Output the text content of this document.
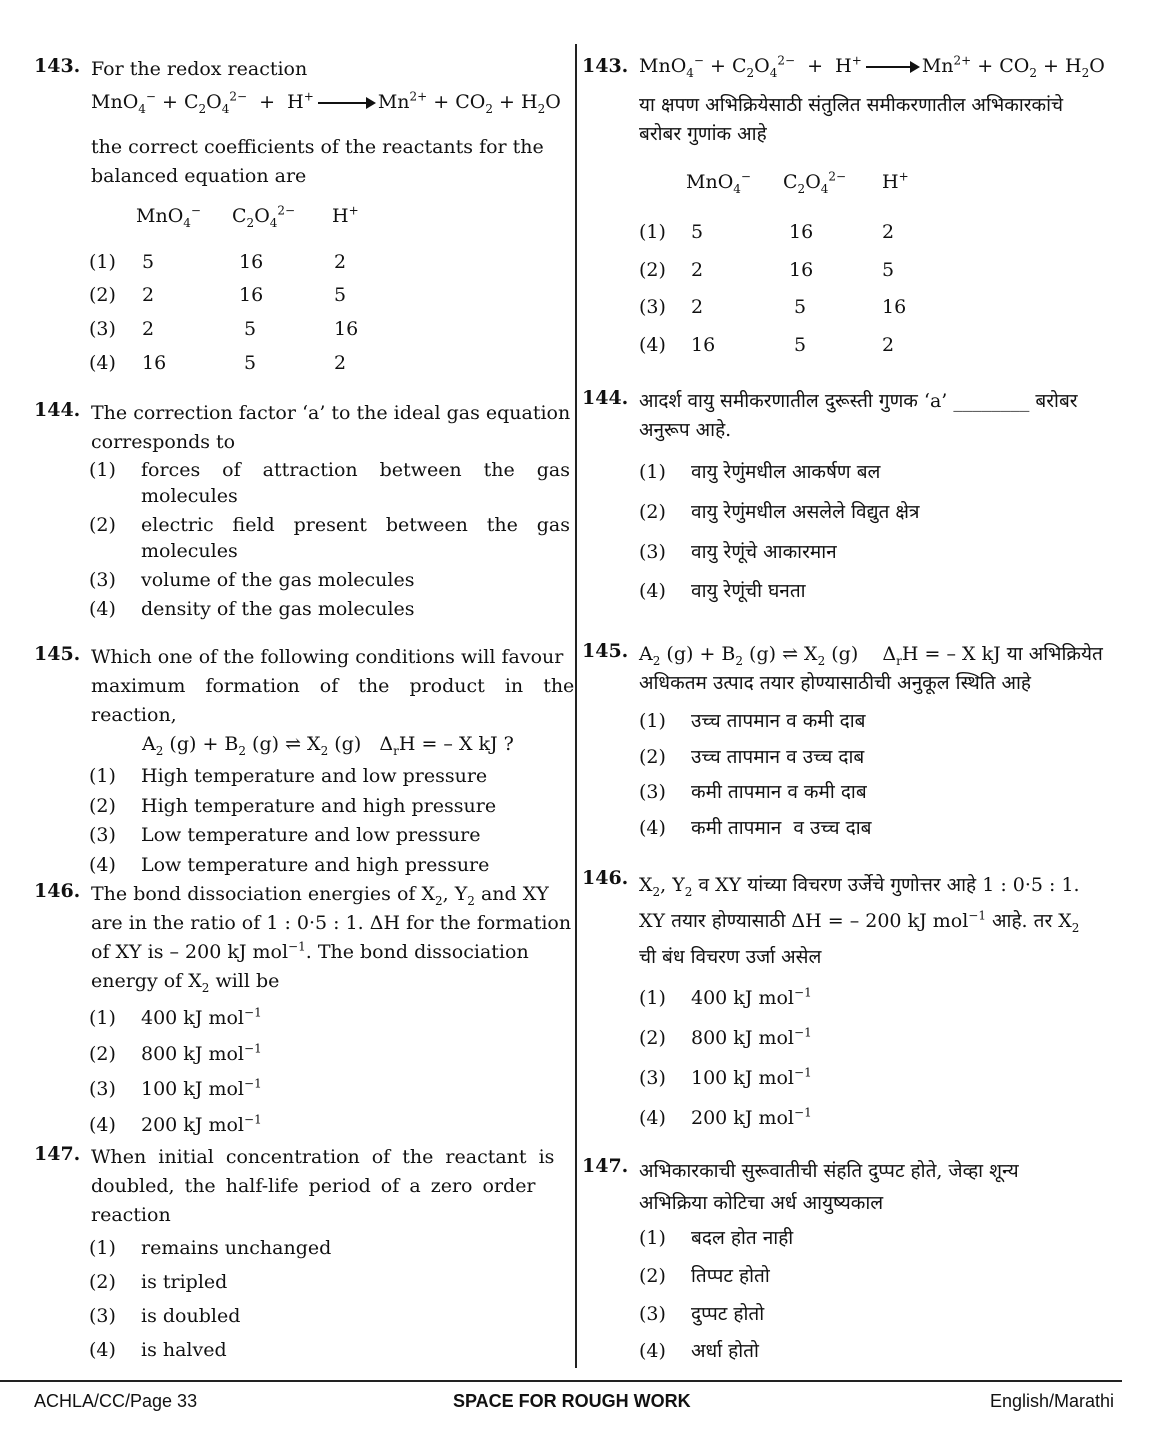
143. For the redox reaction
$MnO_4^- + C_2O_4^{2-} + H^+ \to Mn^{2+} + CO_2 + H_2O$
the correct coefficients of the reactants for the
balanced equation are
MnO$_4$− $C_2O_4^{2-}$ H+
(1) 5	16	2
(2) 2	16	5
(3) 2	5	16
(4) 16	5	2
144. The correction factor ‘a’ to the ideal gas equation
corresponds to
(1) forces of attraction between the gas molecules
(2) electric field present between the gas molecules
(3) volume of the gas molecules
(4) density of the gas molecules
145. Which one of the following conditions will favour
maximum formation of the product in the
reaction,
$A_2$ $(g) + B_2$ (g) ⇌ $X_2$ (g)   $\Delta_rH$ = – X kJ ?
(1) High temperature and low pressure
(2) High temperature and high pressure
(3) Low temperature and low pressure
(4) Low temperature and high pressure
146. The bond dissociation energies of $X_2$, $Y_2$ and XY
are in the ratio of 1 : 0·5 : 1. ΔH for the formation
of XY is – 200 kJ mol$^{-1}$. The bond dissociation
energy of $X_2$ will be
(1) 400 kJ mol$^{-1}$
(2) 800 kJ mol$^{-1}$
(3) 100 kJ mol$^{-1}$
(4) 200 kJ mol$^{-1}$
147. When initial concentration of the reactant is
doubled, the half-life period of a zero order
reaction
(1) remains unchanged
(2) is tripled
(3) is doubled
(4) is halved
143. $MnO_4^- + C_2O_4^{2-} + H^+ \to Mn^{2+} + CO_2 + H_2O$
या क्षपण अभिक्रियेसाठी संतुलित समीकरणातील अभिकारकांचे
बरोबर गुणांक आहे
MnO$_4$− $C_2O_4^{2-}$ H+
(1) 5	16	2
(2) 2	16	5
(3) 2	5	16
(4) 16	5	2
144. आदर्श वायु समीकरणातील दुरूस्ती गुणक ‘a’ ________ बरोबर
अनुरूप आहे.
(1) वायु रेणुंमधील आकर्षण बल
(2) वायु रेणुंमधील असलेले विद्युत क्षेत्र
(3) वायु रेणूंचे आकारमान
(4) वायु रेणूंची घनता
145. $A_2$ $(g) + B_2$ (g) ⇌ $X_2$ (g)    $\Delta_rH$ = – X kJ या अभिक्रियेत
अधिकतम उत्पाद तयार होण्यासाठीची अनुकूल स्थिति आहे
(1) उच्च तापमान व कमी दाब
(2) उच्च तापमान व उच्च दाब
(3) कमी तापमान व कमी दाब
(4) कमी तापमान  व उच्च दाब
146. $X_2$, $Y_2$ व XY यांच्या विचरण उर्जेचे गुणोत्तर आहे 1 : 0·5 : 1.
XY तयार होण्यासाठी ΔH = – 200 kJ mol$^{-1}$ आहे. तर $X_2$
ची बंध विचरण उर्जा असेल
(1) 400 kJ mol$^{-1}$
(2) 800 kJ mol$^{-1}$
(3) 100 kJ mol$^{-1}$
(4) 200 kJ mol$^{-1}$
147. अभिकारकाची सुरूवातीची संहति दुप्पट होते, जेव्हा शून्य
अभिक्रिया कोटिचा अर्ध आयुष्यकाल
(1) बदल होत नाही
(2) तिप्पट होतो
(3) दुप्पट होतो
(4) अर्धा होतो
ACHLA/CC/Page 33	SPACE FOR ROUGH WORK	English/Marathi
